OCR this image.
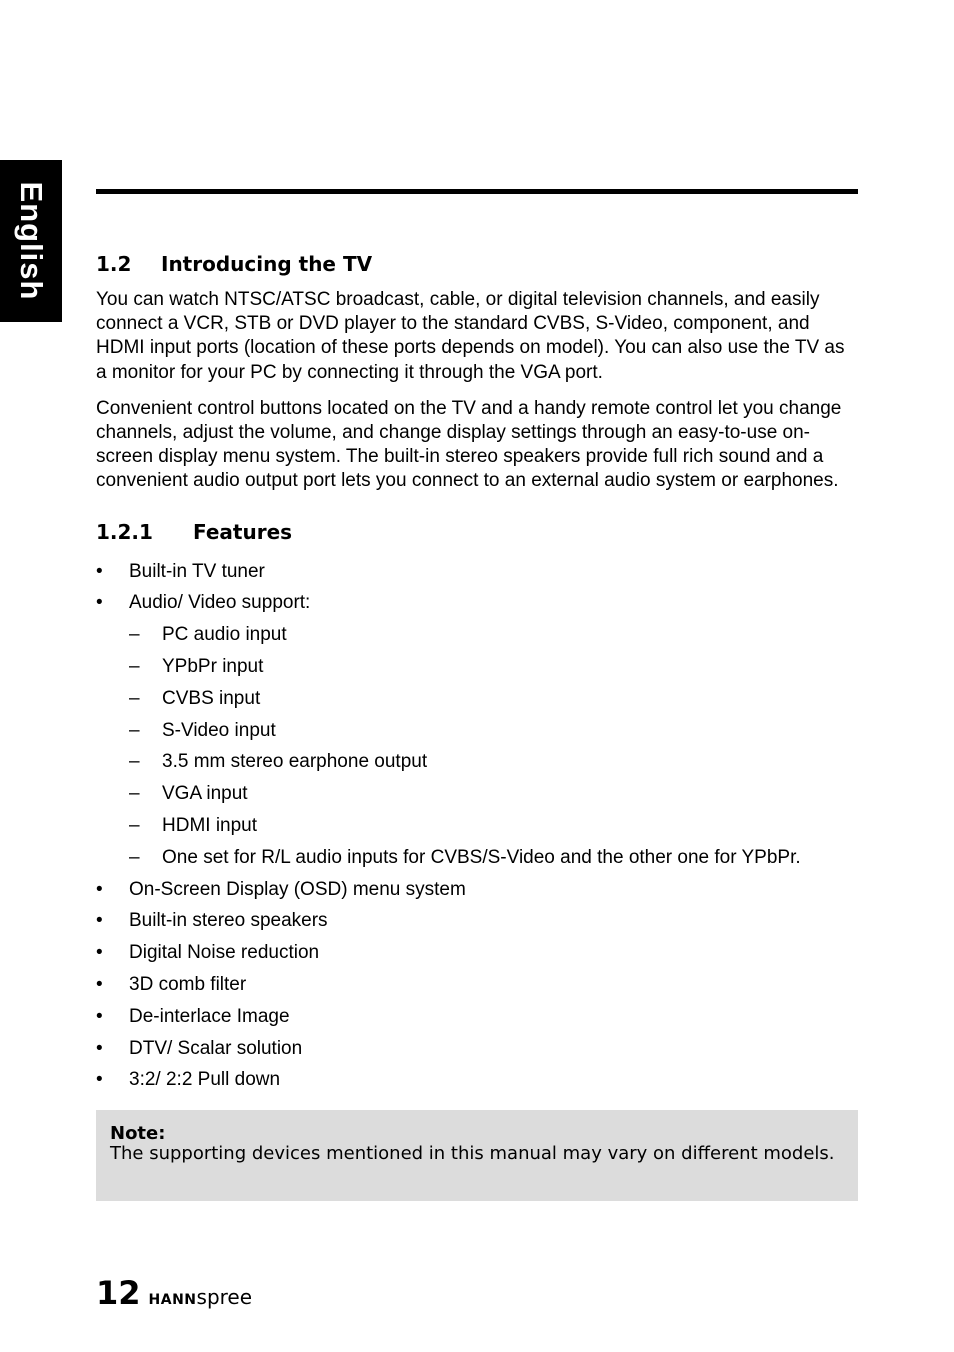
English 1.2 Introducing the TV

You can watch NTSC/ATSC broadcast, cable, or digital television channels, and easily connect a VCR, STB or DVD player to the standard CVBS, S-Video, component, and HDMI input ports (location of these ports depends on model). You can also use the TV as a monitor for your PC by connecting it through the VGA port.

Convenient control buttons located on the TV and a handy remote control let you change channels, adjust the volume, and change display settings through an easy-to-use on-screen display menu system. The built-in stereo speakers provide full rich sound and a convenient audio output port lets you connect to an external audio system or earphones.

1.2.1 Features
• Built-in TV tuner
• Audio/ Video support:
– PC audio input
– YPbPr input
– CVBS input
– S-Video input
– 3.5 mm stereo earphone output
– VGA input
– HDMI input
– One set for R/L audio inputs for CVBS/S-Video and the other one for YPbPr.
• On-Screen Display (OSD) menu system
• Built-in stereo speakers
• Digital Noise reduction
• 3D comb filter
• De-interlace Image
• DTV/ Scalar solution
• 3:2/ 2:2 Pull down
Note:
The supporting devices mentioned in this manual may vary on different models.
12 HANNspree
